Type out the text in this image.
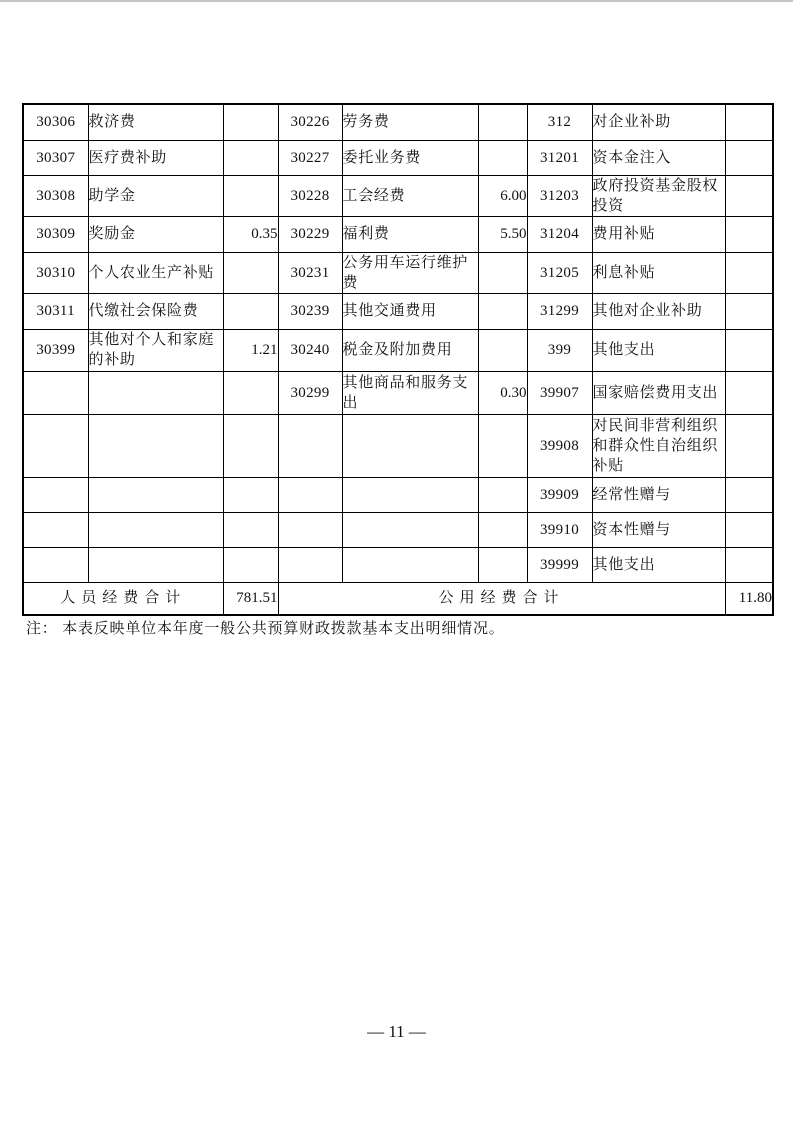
30306	救济费		30226	劳务费		312	对企业补助	
30307	医疗费补助		30227	委托业务费		31201	资本金注入	
30308	助学金		30228	工会经费	6.00	31203	政府投资基金股权投资	
30309	奖励金	0.35	30229	福利费	5.50	31204	费用补贴	
30310	个人农业生产补贴		30231	公务用车运行维护费		31205	利息补贴	
30311	代缴社会保险费		30239	其他交通费用		31299	其他对企业补助	
30399	其他对个人和家庭的补助	1.21	30240	税金及附加费用		399	其他支出	
			30299	其他商品和服务支出	0.30	39907	国家赔偿费用支出	
						39908	对民间非营利组织和群众性自治组织补贴	
						39909	经常性赠与	
						39910	资本性赠与	
						39999	其他支出	
人员经费合计		781.51	公用经费合计					11.80
注： 本表反映单位本年度一般公共预算财政拨款基本支出明细情况。
— 11 —
